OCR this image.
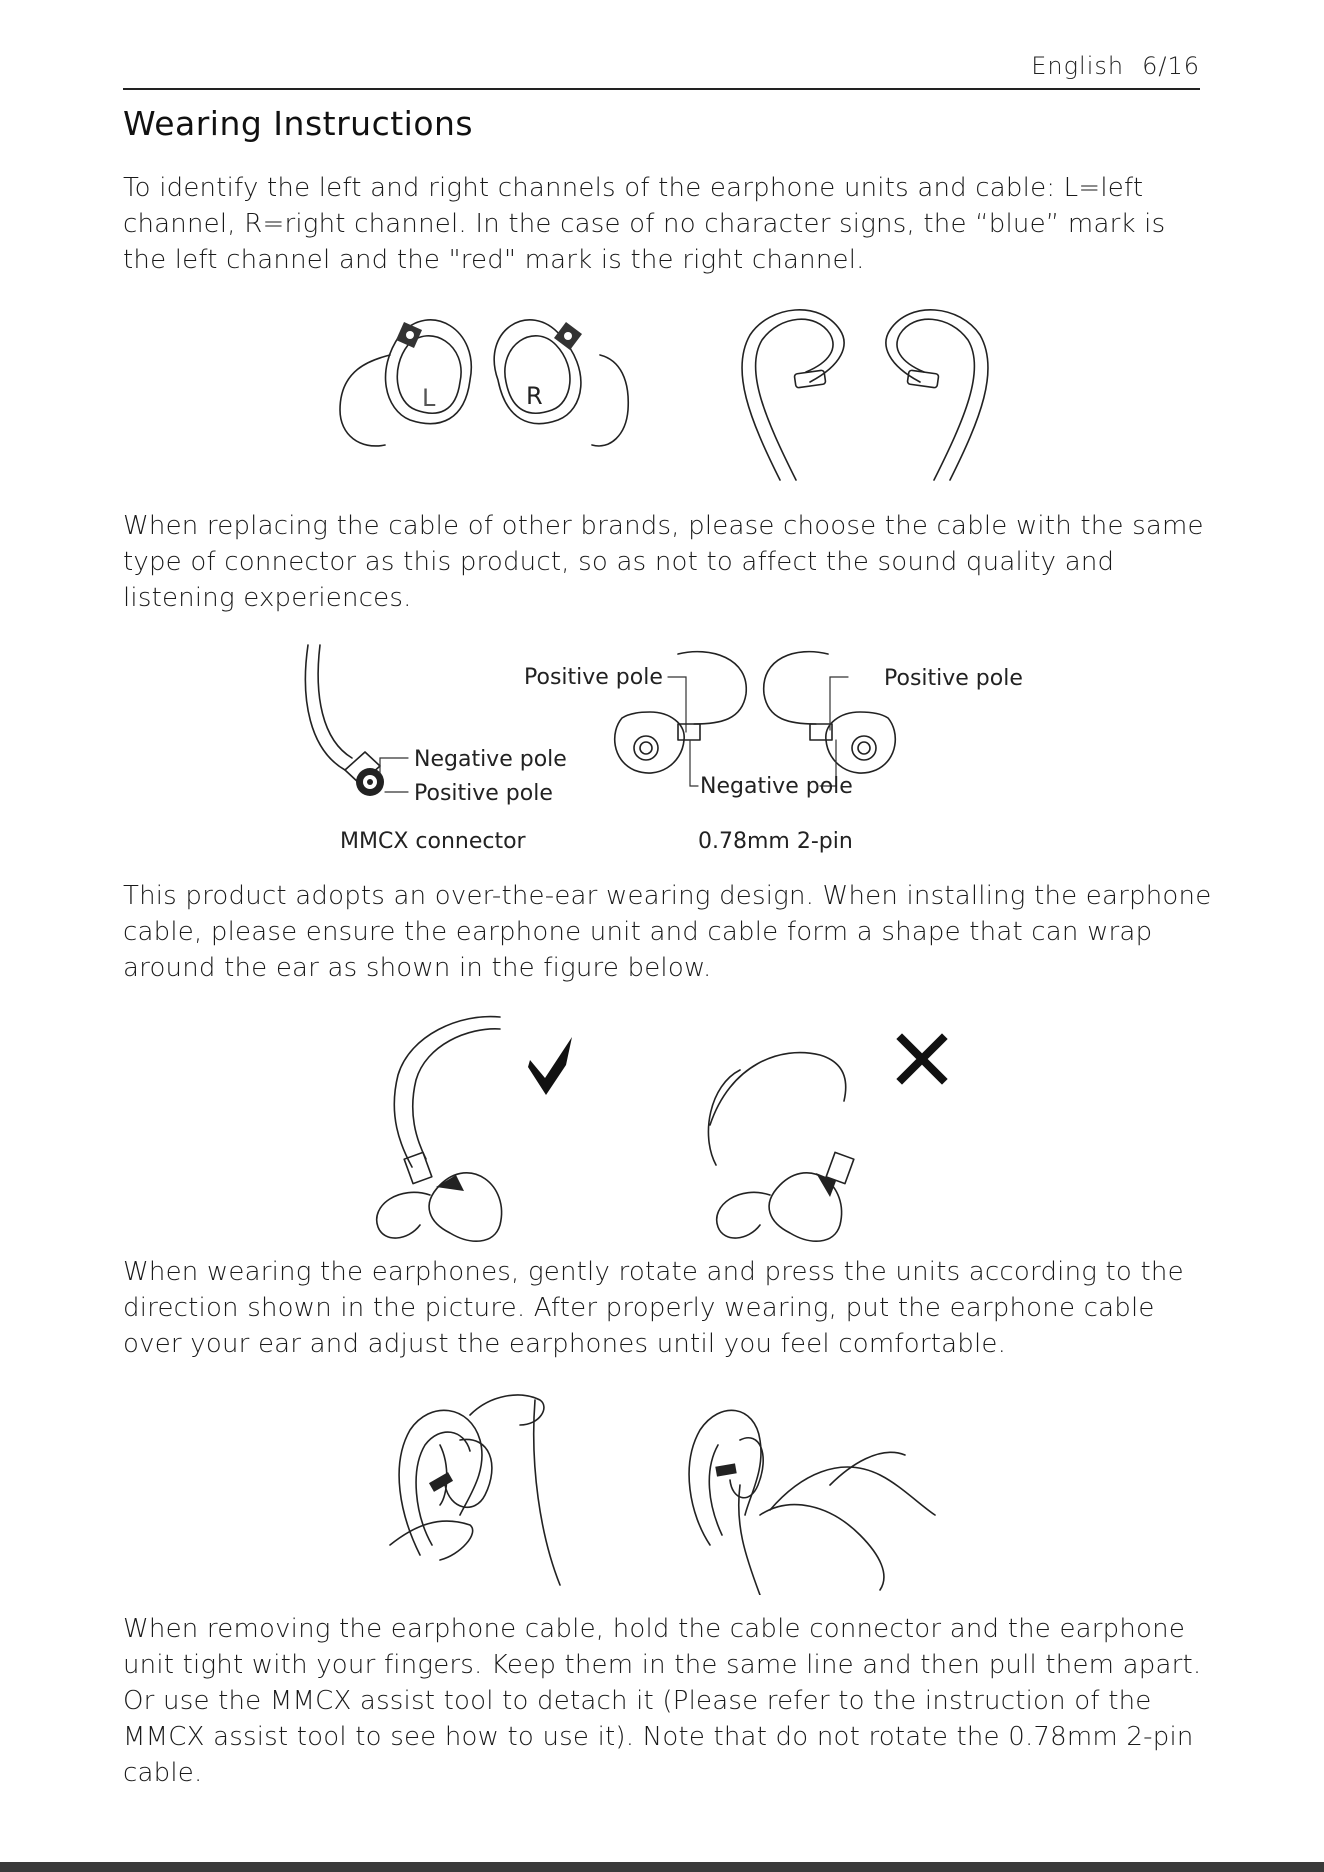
English 6/16
Wearing Instructions

To identify the left and right channels of the earphone units and cable: L=left channel, R=right channel. In the case of no character signs, the “blue” mark is the left channel and the "red" mark is the right channel.

L	R

When replacing the cable of other brands, please choose the cable with the same type of connector as this product, so as not to affect the sound quality and listening experiences.

Negative pole
Positive pole
MMCX connector
Positive pole	Positive pole
Negative pole
0.78mm 2-pin

This product adopts an over-the-ear wearing design. When installing the earphone cable, please ensure the earphone unit and cable form a shape that can wrap around the ear as shown in the figure below.

When wearing the earphones, gently rotate and press the units according to the direction shown in the picture. After properly wearing, put the earphone cable over your ear and adjust the earphones until you feel comfortable.

When removing the earphone cable, hold the cable connector and the earphone unit tight with your fingers. Keep them in the same line and then pull them apart. Or use the MMCX assist tool to detach it (Please refer to the instruction of the MMCX assist tool to see how to use it). Note that do not rotate the 0.78mm 2-pin cable.
